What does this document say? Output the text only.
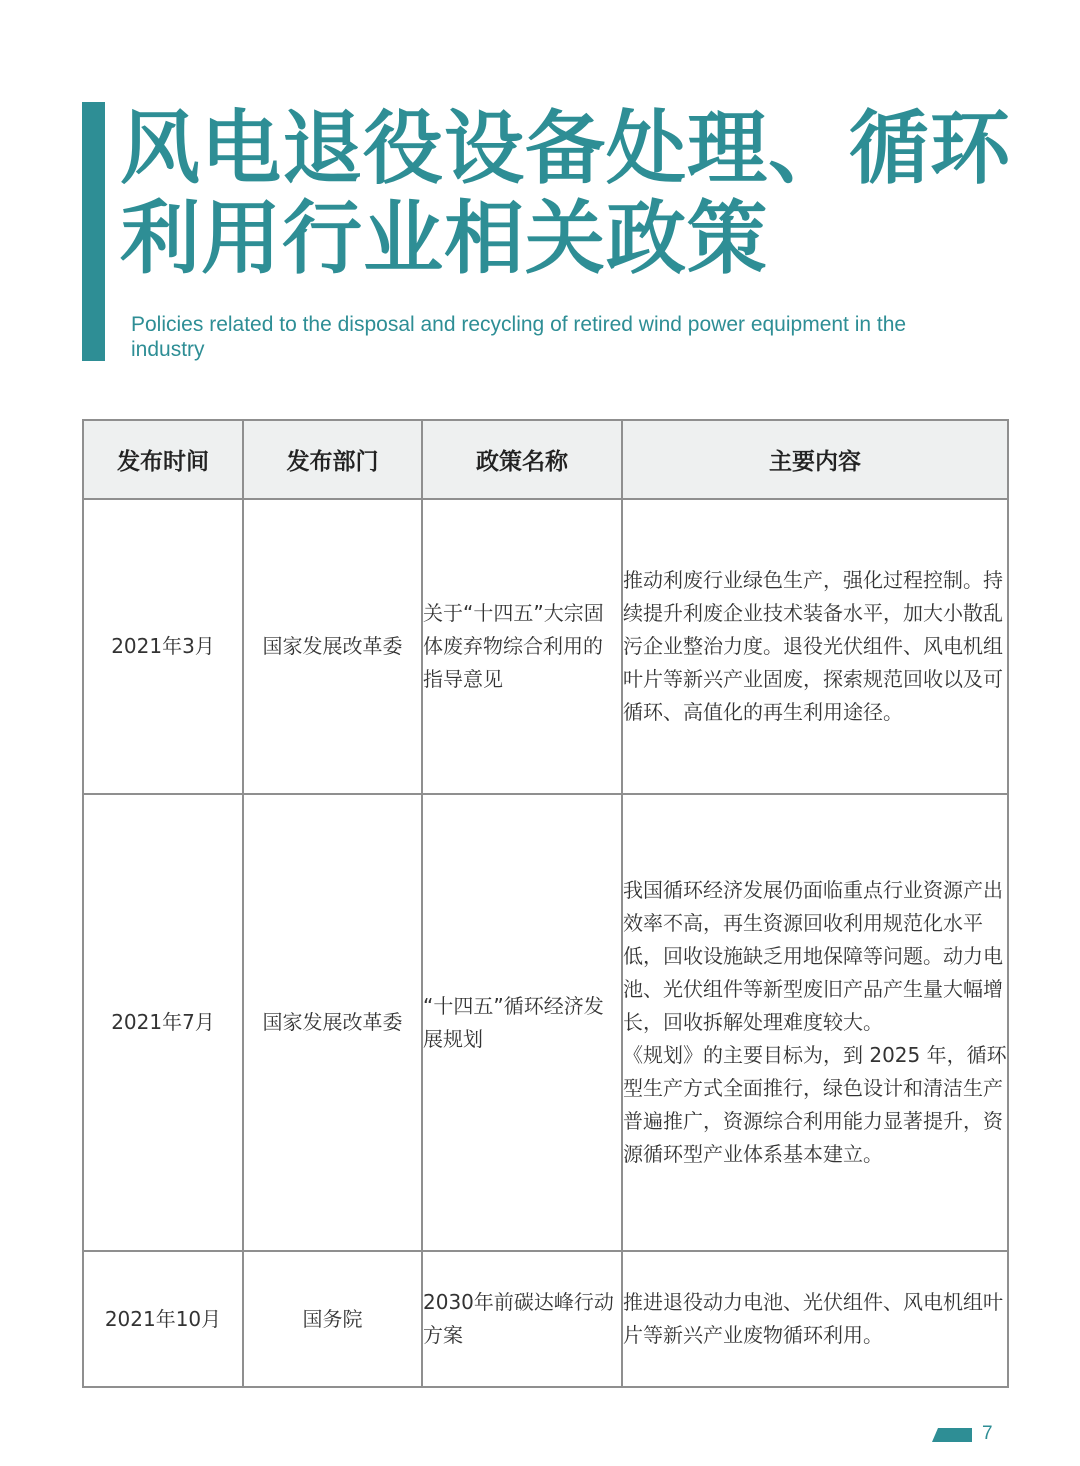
风电退役设备处理、循环利用行业相关政策

Policies related to the disposal and recycling of retired wind power equipment in the industry

发布时间	发布部门	政策名称	主要内容
2021年3月	国家发展改革委	关于“十四五”大宗固体废弃物综合利用的指导意见	推动利废行业绿色生产，强化过程控制。持续提升利废企业技术装备水平，加大小散乱污企业整治力度。退役光伏组件、风电机组叶片等新兴产业固废，探索规范回收以及可循环、高值化的再生利用途径。

2021年7月	国家发展改革委	“十四五”循环经济发展规划	我国循环经济发展仍面临重点行业资源产出效率不高，再生资源回收利用规范化水平低，回收设施缺乏用地保障等问题。动力电池、光伏组件等新型废旧产品产生量大幅增长，回收拆解处理难度较大。
《规划》的主要目标为，到 2025 年，循环型生产方式全面推行，绿色设计和清洁生产普遍推广，资源综合利用能力显著提升，资源循环型产业体系基本建立。

2021年10月	国务院	2030年前碳达峰行动方案	推进退役动力电池、光伏组件、风电机组叶片等新兴产业废物循环利用。
7
